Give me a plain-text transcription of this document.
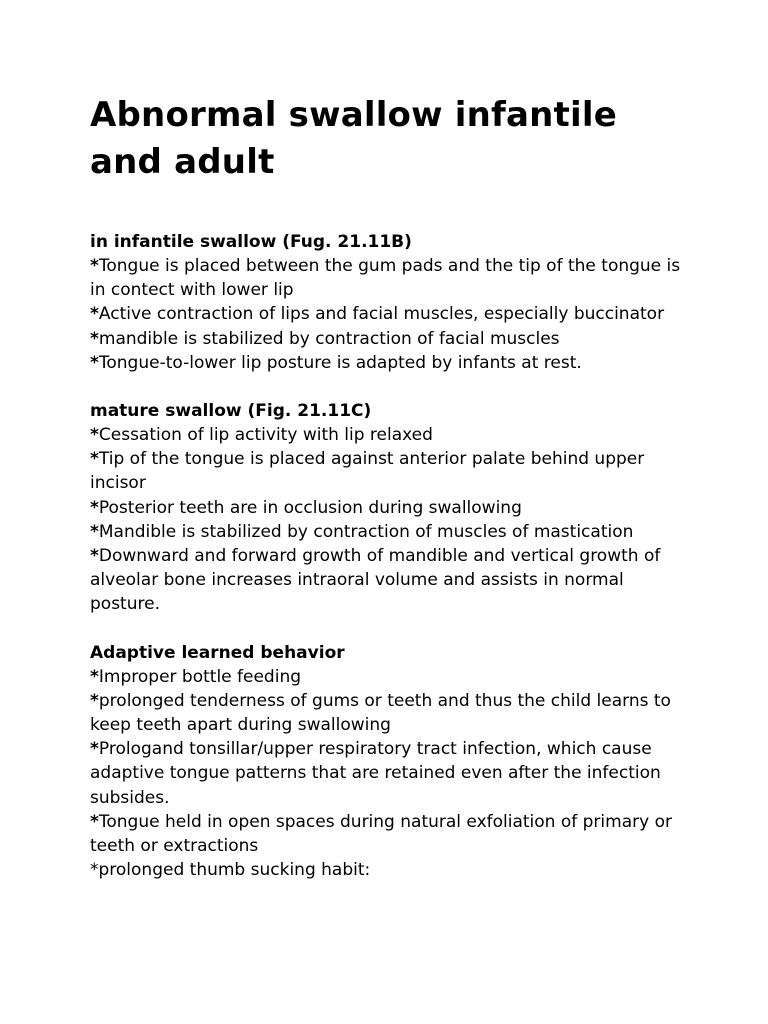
Abnormal swallow infantile and adult

in infantile swallow (Fug. 21.11B)

*Tongue is placed between the gum pads and the tip of the tongue is in contect with lower lip

*Active contraction of lips and facial muscles, especially buccinator

*mandible is stabilized by contraction of facial muscles

*Tongue-to-lower lip posture is adapted by infants at rest.

mature swallow (Fig. 21.11C)

*Cessation of lip activity with lip relaxed

*Tip of the tongue is placed against anterior palate behind upper incisor

*Posterior teeth are in occlusion during swallowing

*Mandible is stabilized by contraction of muscles of mastication

*Downward and forward growth of mandible and vertical growth of alveolar bone increases intraoral volume and assists in normal posture.

Adaptive learned behavior

*Improper bottle feeding

*prolonged tenderness of gums or teeth and thus the child learns to keep teeth apart during swallowing

*Prologand tonsillar/upper respiratory tract infection, which cause adaptive tongue patterns that are retained even after the infection subsides.

*Tongue held in open spaces during natural exfoliation of primary or teeth or extractions

*prolonged thumb sucking habit:
